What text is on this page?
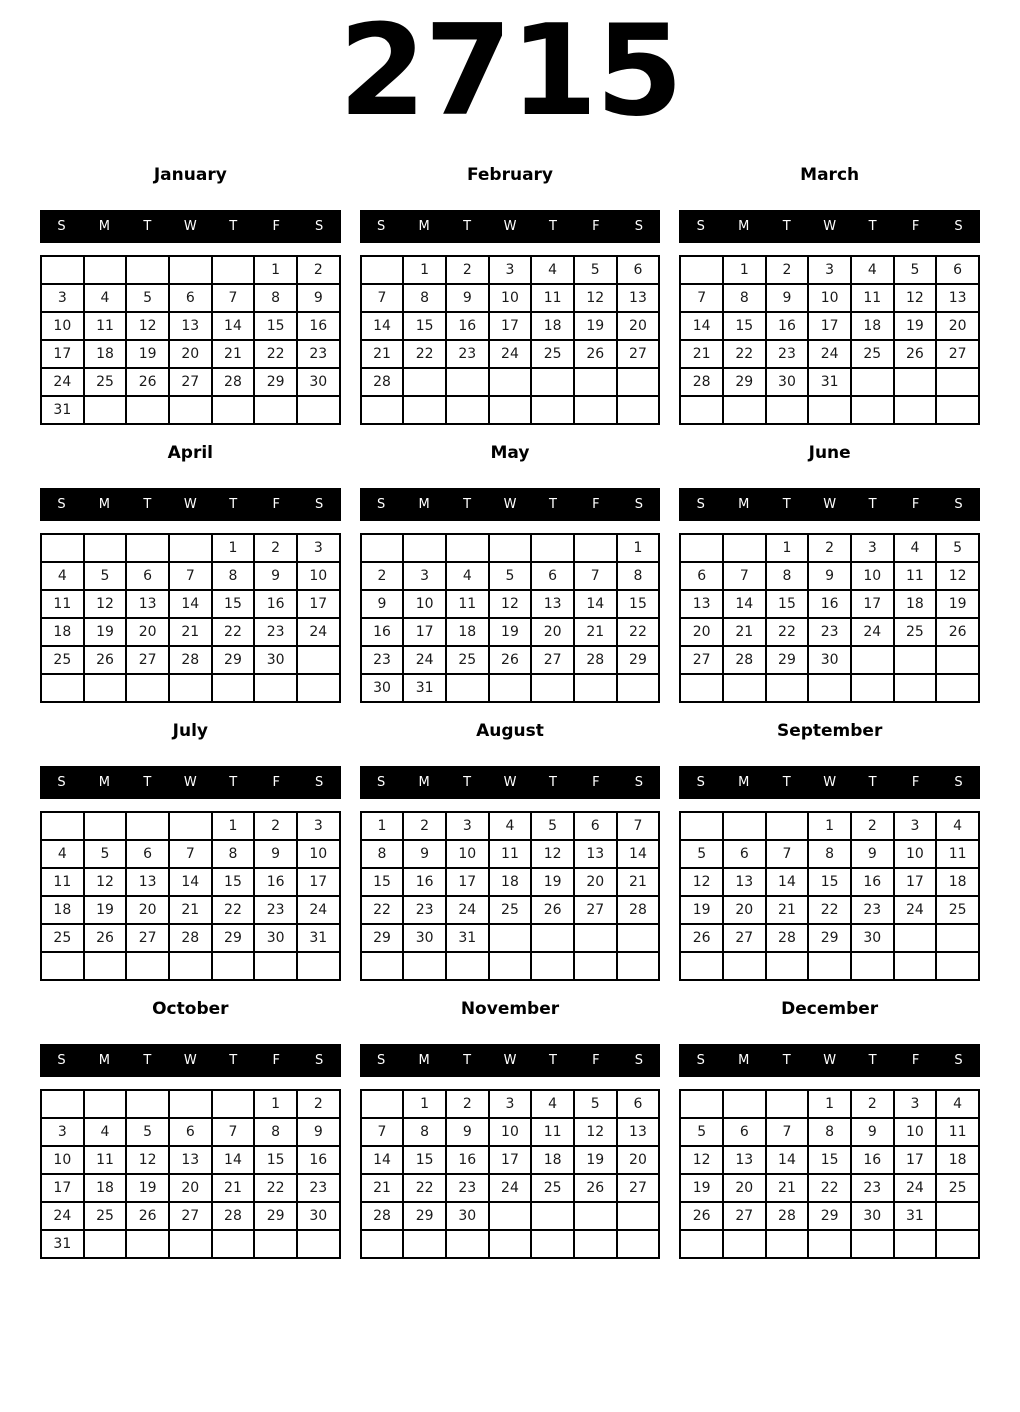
2715
January
S	M	T	W	T	F	S
					1	2
3	4	5	6	7	8	9
10	11	12	13	14	15	16
17	18	19	20	21	22	23
24	25	26	27	28	29	30
31						
February
S	M	T	W	T	F	S
	1	2	3	4	5	6
7	8	9	10	11	12	13
14	15	16	17	18	19	20
21	22	23	24	25	26	27
28						

March
S	M	T	W	T	F	S
	1	2	3	4	5	6
7	8	9	10	11	12	13
14	15	16	17	18	19	20
21	22	23	24	25	26	27
28	29	30	31			

April
S	M	T	W	T	F	S
				1	2	3
4	5	6	7	8	9	10
11	12	13	14	15	16	17
18	19	20	21	22	23	24
25	26	27	28	29	30	

May
S	M	T	W	T	F	S
						1
2	3	4	5	6	7	8
9	10	11	12	13	14	15
16	17	18	19	20	21	22
23	24	25	26	27	28	29
30	31					
June
S	M	T	W	T	F	S
		1	2	3	4	5
6	7	8	9	10	11	12
13	14	15	16	17	18	19
20	21	22	23	24	25	26
27	28	29	30			

July
S	M	T	W	T	F	S
				1	2	3
4	5	6	7	8	9	10
11	12	13	14	15	16	17
18	19	20	21	22	23	24
25	26	27	28	29	30	31

August
S	M	T	W	T	F	S
1	2	3	4	5	6	7
8	9	10	11	12	13	14
15	16	17	18	19	20	21
22	23	24	25	26	27	28
29	30	31				

September
S	M	T	W	T	F	S
			1	2	3	4
5	6	7	8	9	10	11
12	13	14	15	16	17	18
19	20	21	22	23	24	25
26	27	28	29	30		

October
S	M	T	W	T	F	S
					1	2
3	4	5	6	7	8	9
10	11	12	13	14	15	16
17	18	19	20	21	22	23
24	25	26	27	28	29	30
31						
November
S	M	T	W	T	F	S
	1	2	3	4	5	6
7	8	9	10	11	12	13
14	15	16	17	18	19	20
21	22	23	24	25	26	27
28	29	30				

December
S	M	T	W	T	F	S
			1	2	3	4
5	6	7	8	9	10	11
12	13	14	15	16	17	18
19	20	21	22	23	24	25
26	27	28	29	30	31	
